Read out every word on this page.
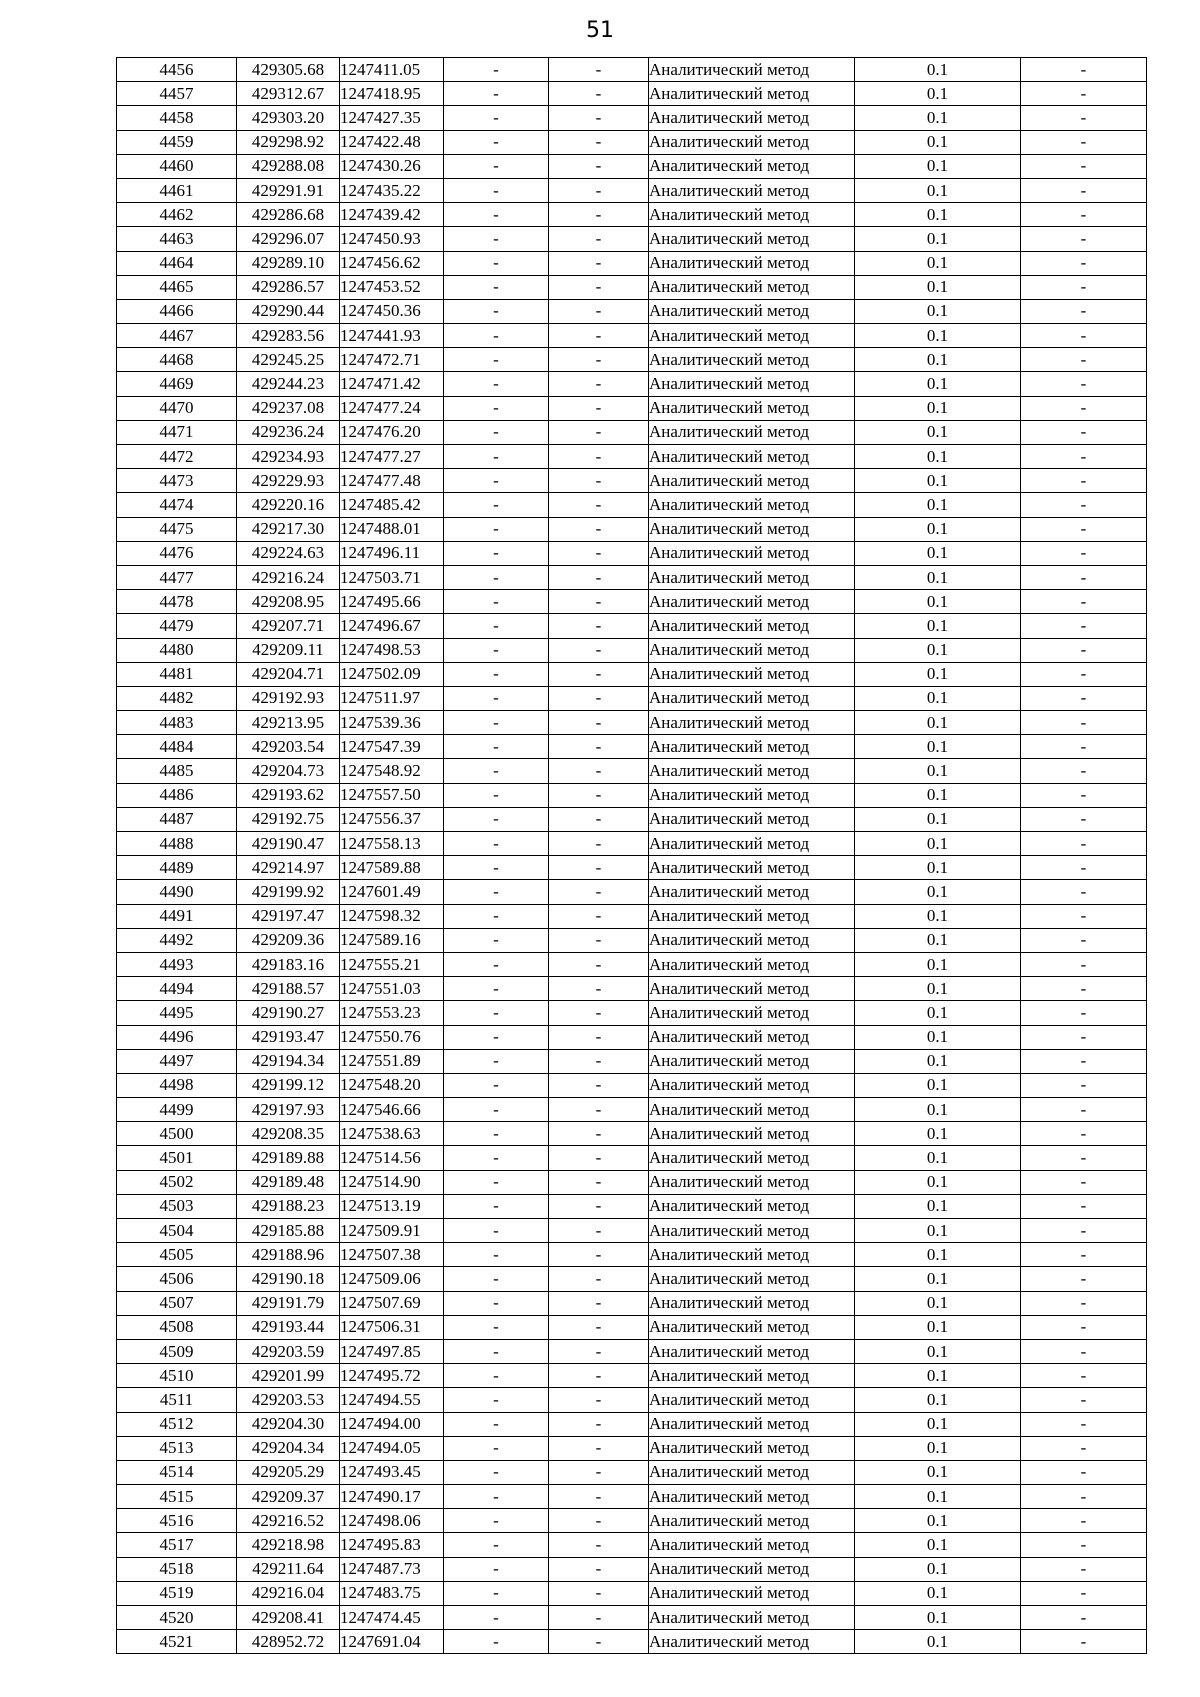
51
4456	429305.68	1247411.05	-	-	Аналитический метод	0.1	-
4457	429312.67	1247418.95	-	-	Аналитический метод	0.1	-
4458	429303.20	1247427.35	-	-	Аналитический метод	0.1	-
4459	429298.92	1247422.48	-	-	Аналитический метод	0.1	-
4460	429288.08	1247430.26	-	-	Аналитический метод	0.1	-
4461	429291.91	1247435.22	-	-	Аналитический метод	0.1	-
4462	429286.68	1247439.42	-	-	Аналитический метод	0.1	-
4463	429296.07	1247450.93	-	-	Аналитический метод	0.1	-
4464	429289.10	1247456.62	-	-	Аналитический метод	0.1	-
4465	429286.57	1247453.52	-	-	Аналитический метод	0.1	-
4466	429290.44	1247450.36	-	-	Аналитический метод	0.1	-
4467	429283.56	1247441.93	-	-	Аналитический метод	0.1	-
4468	429245.25	1247472.71	-	-	Аналитический метод	0.1	-
4469	429244.23	1247471.42	-	-	Аналитический метод	0.1	-
4470	429237.08	1247477.24	-	-	Аналитический метод	0.1	-
4471	429236.24	1247476.20	-	-	Аналитический метод	0.1	-
4472	429234.93	1247477.27	-	-	Аналитический метод	0.1	-
4473	429229.93	1247477.48	-	-	Аналитический метод	0.1	-
4474	429220.16	1247485.42	-	-	Аналитический метод	0.1	-
4475	429217.30	1247488.01	-	-	Аналитический метод	0.1	-
4476	429224.63	1247496.11	-	-	Аналитический метод	0.1	-
4477	429216.24	1247503.71	-	-	Аналитический метод	0.1	-
4478	429208.95	1247495.66	-	-	Аналитический метод	0.1	-
4479	429207.71	1247496.67	-	-	Аналитический метод	0.1	-
4480	429209.11	1247498.53	-	-	Аналитический метод	0.1	-
4481	429204.71	1247502.09	-	-	Аналитический метод	0.1	-
4482	429192.93	1247511.97	-	-	Аналитический метод	0.1	-
4483	429213.95	1247539.36	-	-	Аналитический метод	0.1	-
4484	429203.54	1247547.39	-	-	Аналитический метод	0.1	-
4485	429204.73	1247548.92	-	-	Аналитический метод	0.1	-
4486	429193.62	1247557.50	-	-	Аналитический метод	0.1	-
4487	429192.75	1247556.37	-	-	Аналитический метод	0.1	-
4488	429190.47	1247558.13	-	-	Аналитический метод	0.1	-
4489	429214.97	1247589.88	-	-	Аналитический метод	0.1	-
4490	429199.92	1247601.49	-	-	Аналитический метод	0.1	-
4491	429197.47	1247598.32	-	-	Аналитический метод	0.1	-
4492	429209.36	1247589.16	-	-	Аналитический метод	0.1	-
4493	429183.16	1247555.21	-	-	Аналитический метод	0.1	-
4494	429188.57	1247551.03	-	-	Аналитический метод	0.1	-
4495	429190.27	1247553.23	-	-	Аналитический метод	0.1	-
4496	429193.47	1247550.76	-	-	Аналитический метод	0.1	-
4497	429194.34	1247551.89	-	-	Аналитический метод	0.1	-
4498	429199.12	1247548.20	-	-	Аналитический метод	0.1	-
4499	429197.93	1247546.66	-	-	Аналитический метод	0.1	-
4500	429208.35	1247538.63	-	-	Аналитический метод	0.1	-
4501	429189.88	1247514.56	-	-	Аналитический метод	0.1	-
4502	429189.48	1247514.90	-	-	Аналитический метод	0.1	-
4503	429188.23	1247513.19	-	-	Аналитический метод	0.1	-
4504	429185.88	1247509.91	-	-	Аналитический метод	0.1	-
4505	429188.96	1247507.38	-	-	Аналитический метод	0.1	-
4506	429190.18	1247509.06	-	-	Аналитический метод	0.1	-
4507	429191.79	1247507.69	-	-	Аналитический метод	0.1	-
4508	429193.44	1247506.31	-	-	Аналитический метод	0.1	-
4509	429203.59	1247497.85	-	-	Аналитический метод	0.1	-
4510	429201.99	1247495.72	-	-	Аналитический метод	0.1	-
4511	429203.53	1247494.55	-	-	Аналитический метод	0.1	-
4512	429204.30	1247494.00	-	-	Аналитический метод	0.1	-
4513	429204.34	1247494.05	-	-	Аналитический метод	0.1	-
4514	429205.29	1247493.45	-	-	Аналитический метод	0.1	-
4515	429209.37	1247490.17	-	-	Аналитический метод	0.1	-
4516	429216.52	1247498.06	-	-	Аналитический метод	0.1	-
4517	429218.98	1247495.83	-	-	Аналитический метод	0.1	-
4518	429211.64	1247487.73	-	-	Аналитический метод	0.1	-
4519	429216.04	1247483.75	-	-	Аналитический метод	0.1	-
4520	429208.41	1247474.45	-	-	Аналитический метод	0.1	-
4521	428952.72	1247691.04	-	-	Аналитический метод	0.1	-
